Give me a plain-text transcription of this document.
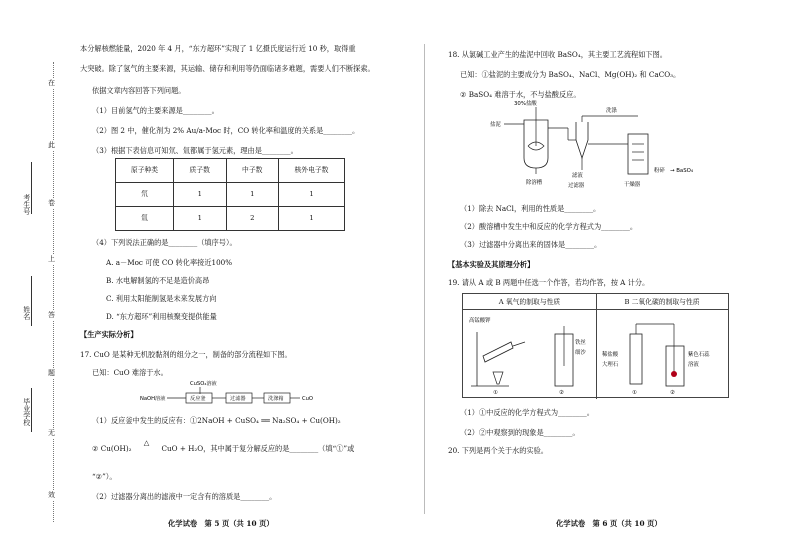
在
此
卷
上
答
题
无
效
毕业学校
姓名
考生号
本分解核燃能量，2020 年 4 月，“东方超环”实现了 1 亿摄氏度运行近 10 秒，取得重
大突破。除了氢气的主要来源，其运输、储存和利用等仍面临诸多难题，需要人们不断探索。
依据文章内容回答下列问题。
（1）目前氢气的主要来源是________。
（2）图 2 中，催化剂为 2% Au/a-Moc 时，CO 转化率和温度的关系是________。
（3）根据下表信息可知氘、氚都属于氢元素，理由是________。
原子种类	质子数	中子数	核外电子数
氘	1	1	1
氚	1	2	1
（4）下列说法正确的是________（填序号）。
A. a－Moc 可使 CO 转化率接近100%
B. 水电解制氢的不足是造价高昂
C. 利用太阳能制氢是未来发展方向
D. “东方超环”利用核聚变提供能量
【生产实际分析】
17. CuO 是某种无机胶黏剂的组分之一，制备的部分流程如下图。
已知：CuO 难溶于水。
CuSO₄溶液
NaOH溶液	反应釜	过滤器	洗涤箱	CuO
（1）反应釜中发生的反应有：①2NaOH + CuSO₄ ══ Na₂SO₄ + Cu(OH)₂
② Cu(OH)₂△CuO + H₂O，其中属于复分解反应的是________（填“①”或
“②”）。
（2）过滤器分离出的滤液中一定含有的溶质是________。
化学试卷　第 5 页（共 10 页）
18. 从氯碱工业产生的盐泥中回收 BaSO₄，其主要工艺流程如下图。
已知：①盐泥的主要成分为 BaSO₄、NaCl、Mg(OH)₂ 和 CaCO₃。
② BaSO₄ 难溶于水，不与盐酸反应。
30%盐酸
盐泥
除溶槽
洗涤
滤液
过滤器	干燥器
粉碎 → BaSO₄
（1）除去 NaCl，利用的性质是________。
（2）酸溶槽中发生中和反应的化学方程式为________。
（3）过滤器中分离出来的固体是________。
【基本实验及其原理分析】
19. 请从 A 或 B 两题中任选一个作答，若均作答，按 A 计分。
A 氧气的制取与性质	B 二氧化碳的制取与性质
高锰酸钾
①
铁丝
细沙
②
稀盐酸
大理石
①
紫色石蕊
溶液
②
（1）①中反应的化学方程式为________。
（2）②中观察到的现象是________。
20. 下列是两个关于水的实验。
化学试卷　第 6 页（共 10 页）
